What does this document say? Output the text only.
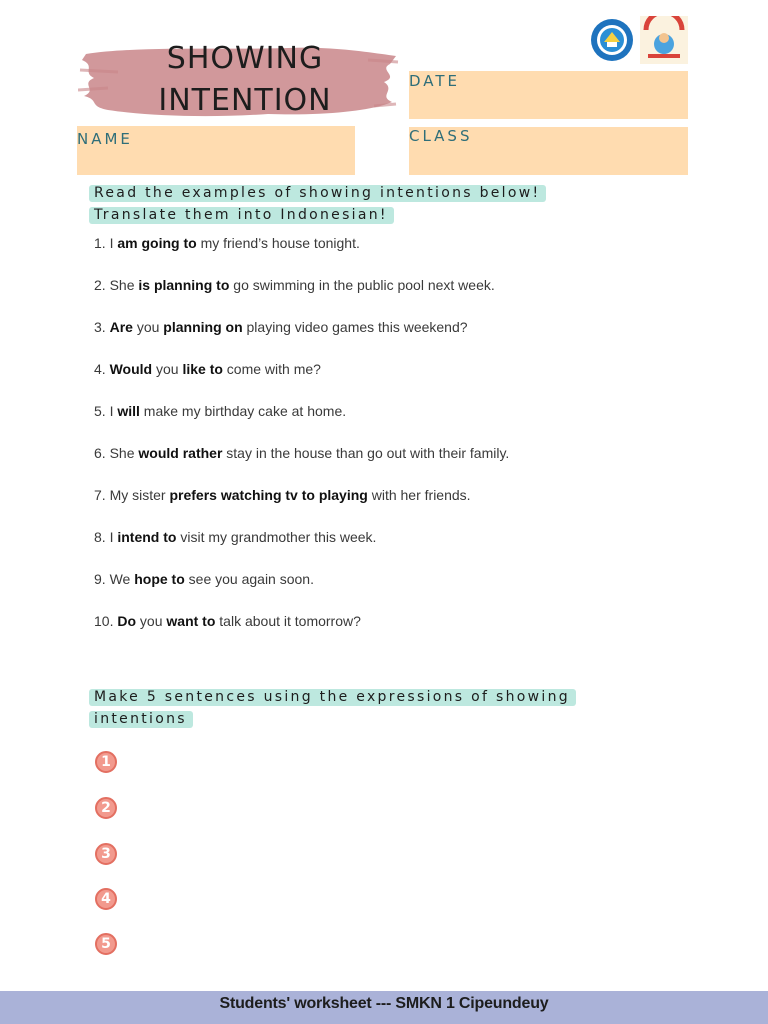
SHOWING
INTENTION
DATE
CLASS
NAME
Read the examples of showing intentions below!
Translate them into Indonesian!
1. I am going to my friend’s house tonight.
2. She is planning to go swimming in the public pool next week.
3. Are you planning on playing video games this weekend?
4. Would you like to come with me?
5. I will make my birthday cake at home.
6. She would rather stay in the house than go out with their family.
7. My sister prefers watching tv to playing with her friends.
8. I intend to visit my grandmother this week.
9. We hope to see you again soon.
10. Do you want to talk about it tomorrow?
Make 5 sentences using the expressions of showing
intentions
1
2
3
4
5
Students' worksheet --- SMKN 1 Cipeundeuy
